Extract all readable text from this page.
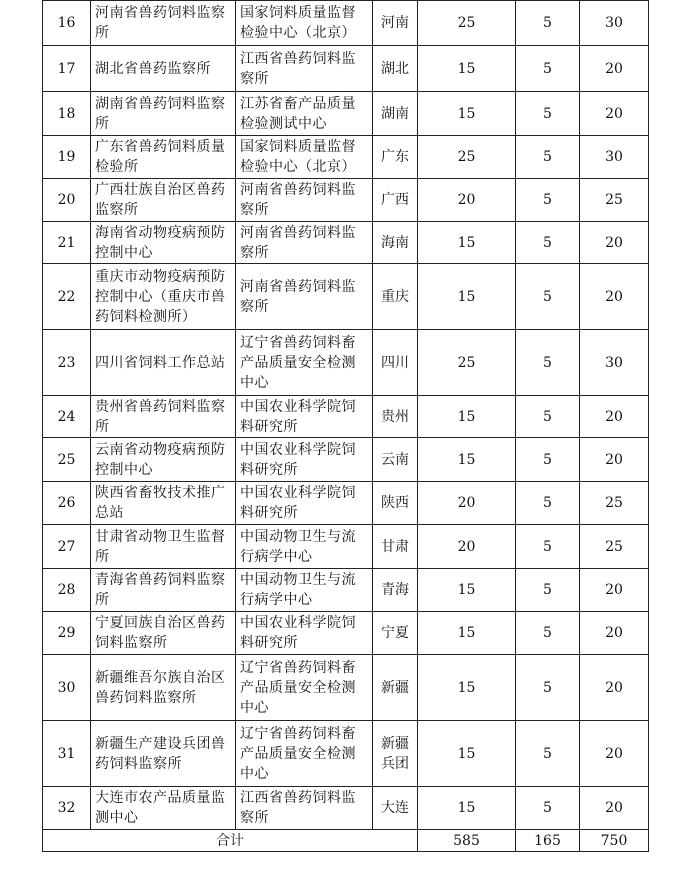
16	河南省兽药饲料监察所	国家饲料质量监督检验中心（北京）	河南	25	5	30
17	湖北省兽药监察所	江西省兽药饲料监察所	湖北	15	5	20
18	湖南省兽药饲料监察所	江苏省畜产品质量检验测试中心	湖南	15	5	20
19	广东省兽药饲料质量检验所	国家饲料质量监督检验中心（北京）	广东	25	5	30
20	广西壮族自治区兽药监察所	河南省兽药饲料监察所	广西	20	5	25
21	海南省动物疫病预防控制中心	河南省兽药饲料监察所	海南	15	5	20
22	重庆市动物疫病预防控制中心（重庆市兽药饲料检测所）	河南省兽药饲料监察所	重庆	15	5	20
23	四川省饲料工作总站	辽宁省兽药饲料畜产品质量安全检测中心	四川	25	5	30
24	贵州省兽药饲料监察所	中国农业科学院饲料研究所	贵州	15	5	20
25	云南省动物疫病预防控制中心	中国农业科学院饲料研究所	云南	15	5	20
26	陕西省畜牧技术推广总站	中国农业科学院饲料研究所	陕西	20	5	25
27	甘肃省动物卫生监督所	中国动物卫生与流行病学中心	甘肃	20	5	25
28	青海省兽药饲料监察所	中国动物卫生与流行病学中心	青海	15	5	20
29	宁夏回族自治区兽药饲料监察所	中国农业科学院饲料研究所	宁夏	15	5	20
30	新疆维吾尔族自治区兽药饲料监察所	辽宁省兽药饲料畜产品质量安全检测中心	新疆	15	5	20
31	新疆生产建设兵团兽药饲料监察所	辽宁省兽药饲料畜产品质量安全检测中心	新疆兵团	15	5	20
32	大连市农产品质量监测中心	江西省兽药饲料监察所	大连	15	5	20
合计				585	165	750
